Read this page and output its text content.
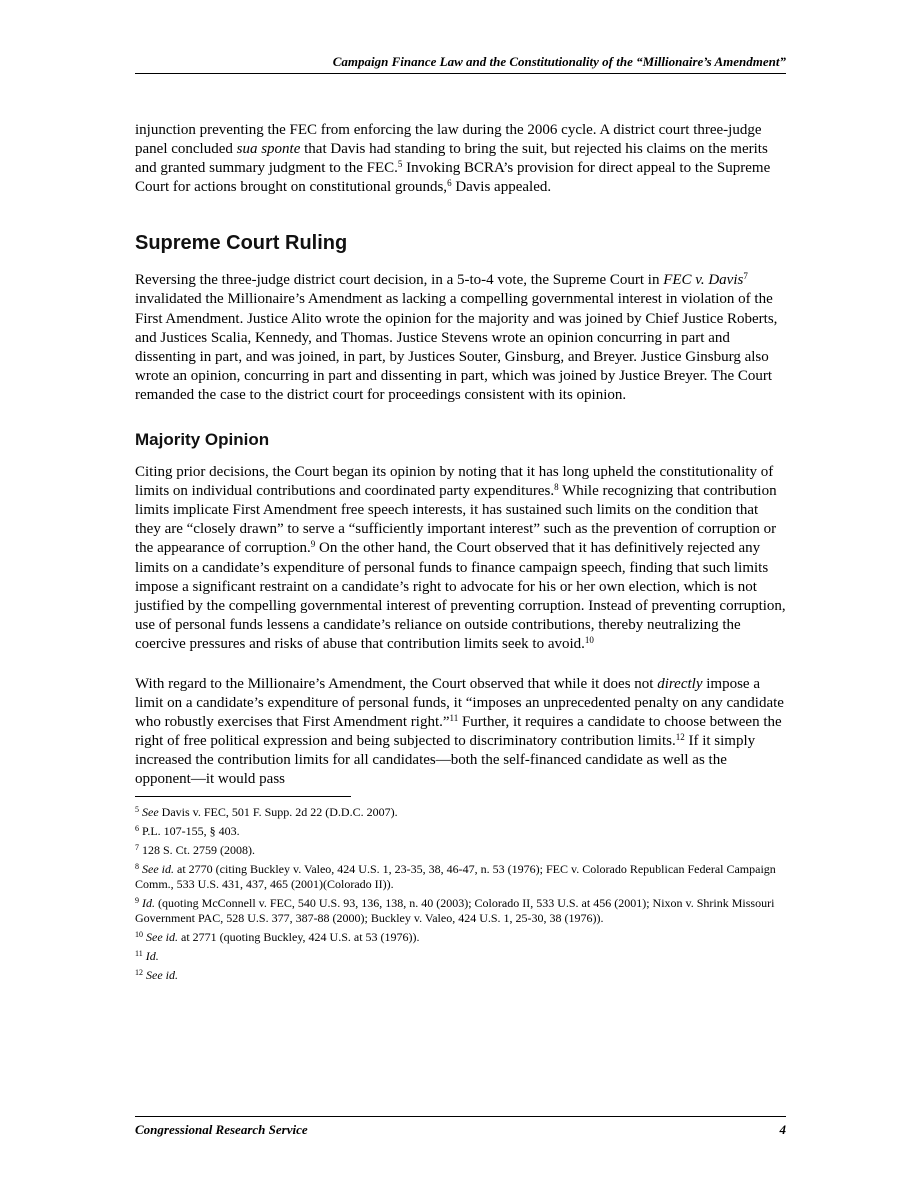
Campaign Finance Law and the Constitutionality of the “Millionaire’s Amendment”

injunction preventing the FEC from enforcing the law during the 2006 cycle. A district court three-judge panel concluded sua sponte that Davis had standing to bring the suit, but rejected his claims on the merits and granted summary judgment to the FEC.$^5$ Invoking BCRA’s provision for direct appeal to the Supreme Court for actions brought on constitutional grounds,$^6$ Davis appealed.

Supreme Court Ruling

Reversing the three-judge district court decision, in a 5-to-4 vote, the Supreme Court in FEC v. Davis$^7$ invalidated the Millionaire’s Amendment as lacking a compelling governmental interest in violation of the First Amendment. Justice Alito wrote the opinion for the majority and was joined by Chief Justice Roberts, and Justices Scalia, Kennedy, and Thomas. Justice Stevens wrote an opinion concurring in part and dissenting in part, and was joined, in part, by Justices Souter, Ginsburg, and Breyer. Justice Ginsburg also wrote an opinion, concurring in part and dissenting in part, which was joined by Justice Breyer. The Court remanded the case to the district court for proceedings consistent with its opinion.

Majority Opinion

Citing prior decisions, the Court began its opinion by noting that it has long upheld the constitutionality of limits on individual contributions and coordinated party expenditures.$^8$ While recognizing that contribution limits implicate First Amendment free speech interests, it has sustained such limits on the condition that they are “closely drawn” to serve a “sufficiently important interest” such as the prevention of corruption or the appearance of corruption.$^9$ On the other hand, the Court observed that it has definitively rejected any limits on a candidate’s expenditure of personal funds to finance campaign speech, finding that such limits impose a significant restraint on a candidate’s right to advocate for his or her own election, which is not justified by the compelling governmental interest of preventing corruption. Instead of preventing corruption, use of personal funds lessens a candidate’s reliance on outside contributions, thereby neutralizing the coercive pressures and risks of abuse that contribution limits seek to avoid.$^{10}$

With regard to the Millionaire’s Amendment, the Court observed that while it does not directly impose a limit on a candidate’s expenditure of personal funds, it “imposes an unprecedented penalty on any candidate who robustly exercises that First Amendment right.”$^{11}$ Further, it requires a candidate to choose between the right of free political expression and being subjected to discriminatory contribution limits.$^{12}$ If it simply increased the contribution limits for all candidates—both the self-financed candidate as well as the opponent—it would pass

$^5$ See Davis v. FEC, 501 F. Supp. 2d 22 (D.D.C. 2007).

$^6$ P.L. 107-155, § 403.

$^7$ 128 S. Ct. 2759 (2008).

$^8$ See id. at 2770 (citing Buckley v. Valeo, 424 U.S. 1, 23-35, 38, 46-47, n. 53 (1976); FEC v. Colorado Republican Federal Campaign Comm., 533 U.S. 431, 437, 465 (2001)(Colorado II)).

$^9$ Id. (quoting McConnell v. FEC, 540 U.S. 93, 136, 138, n. 40 (2003); Colorado II, 533 U.S. at 456 (2001); Nixon v. Shrink Missouri Government PAC, 528 U.S. 377, 387-88 (2000); Buckley v. Valeo, 424 U.S. 1, 25-30, 38 (1976)).

$^{10}$ See id. at 2771 (quoting Buckley, 424 U.S. at 53 (1976)).

$^{11}$ Id.

$^{12}$ See id.

Congressional Research Service	4
